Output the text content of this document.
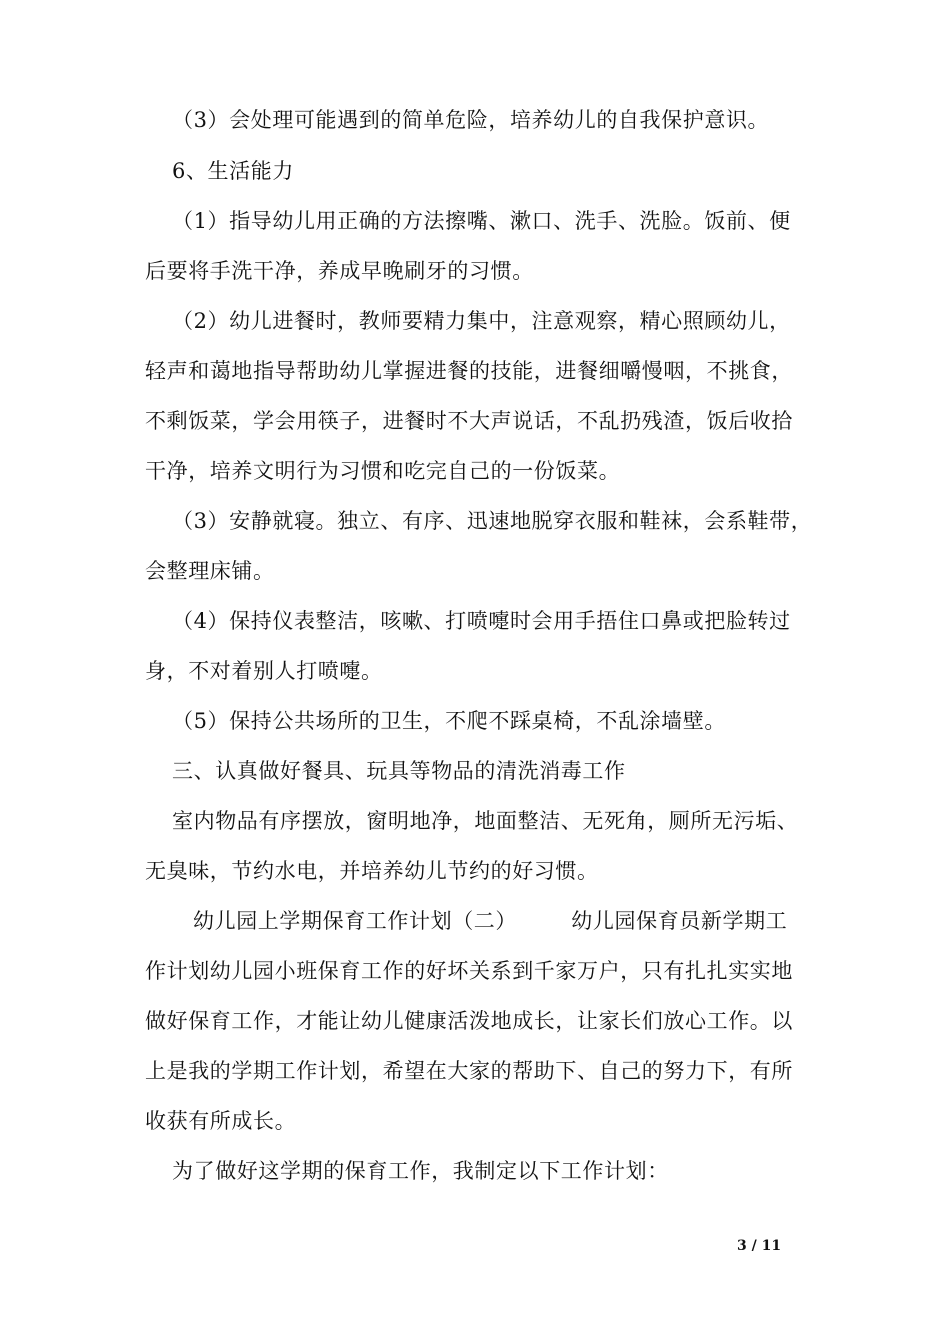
（3）会处理可能遇到的简单危险，培养幼儿的自我保护意识。
6、生活能力
（1）指导幼儿用正确的方法擦嘴、漱口、洗手、洗脸。饭前、便
后要将手洗干净，养成早晚刷牙的习惯。
（2）幼儿进餐时，教师要精力集中，注意观察，精心照顾幼儿，
轻声和蔼地指导帮助幼儿掌握进餐的技能，进餐细嚼慢咽，不挑食，
不剩饭菜，学会用筷子，进餐时不大声说话，不乱扔残渣，饭后收拾
干净，培养文明行为习惯和吃完自己的一份饭菜。
（3）安静就寝。独立、有序、迅速地脱穿衣服和鞋袜，会系鞋带，
会整理床铺。
（4）保持仪表整洁，咳嗽、打喷嚏时会用手捂住口鼻或把脸转过
身，不对着别人打喷嚏。
（5）保持公共场所的卫生，不爬不踩桌椅，不乱涂墙壁。
三、认真做好餐具、玩具等物品的清洗消毒工作
室内物品有序摆放，窗明地净，地面整洁、无死角，厕所无污垢、
无臭味，节约水电，并培养幼儿节约的好习惯。
幼儿园上学期保育工作计划（二）　　　幼儿园保育员新学期工
作计划幼儿园小班保育工作的好坏关系到千家万户，只有扎扎实实地
做好保育工作，才能让幼儿健康活泼地成长，让家长们放心工作。以
上是我的学期工作计划，希望在大家的帮助下、自己的努力下，有所
收获有所成长。
为了做好这学期的保育工作，我制定以下工作计划：
3 / 11
